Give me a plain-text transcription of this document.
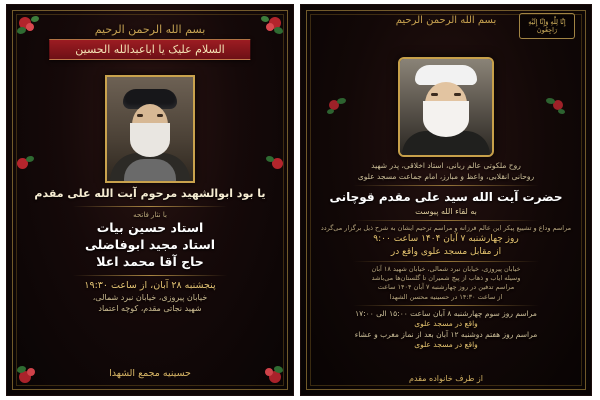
بسم الله الرحمن الرحیم
السلام علیک یا اباعبدالله الحسین
یا بود ابوالشهید مرحوم آیت الله علی مقدم
با نثار فاتحه
استاد حسین بیات
استاد مجید ابوفاضلی
حاج آقا محمد اعلا
پنجشنبه ۲۸ آبان، از ساعت ۱۹:۳۰
خیابان پیروزی، خیابان نبرد شمالی،
شهید نجاتی مقدم، کوچه اعتماد
حسینیه مجمع الشهدا
بسم الله الرحمن الرحیم	إِنَّا لِلَّهِ وَإِنَّا إِلَيْهِ رَاجِعُونَ
روح ملکوتی عالم ربانی، استاد اخلاقی، پدر شهید
روحانی انقلابی، واعظ و مبارز، امام جماعت مسجد علوی
حضرت آیت الله سید علی مقدم قوچانی
به لقاء الله پیوست
مراسم وداع و تشییع پیکر این عالم فرزانه و مراسم ترحیم ایشان به شرح ذیل برگزار می‌گردد
روز چهارشنبه ۷ آبان ۱۴۰۴ ساعت ۹:۰۰
از مقابل مسجد علوی واقع در
خیابان پیروزی، خیابان نبرد شمالی، خیابان شهید ۱۸ آبان
وسیله ایاب و ذهاب از پیچ شمیران تا گلستان‌ها می‌باشد
مراسم تدفین در روز چهارشنبه ۷ آبان ۱۴۰۴ ساعت
از ساعت ۱۴:۳۰ در حسینیه محسن الشهدا
مراسم روز سوم چهارشنبه ۸ آبان ساعت ۱۵:۰۰ الی ۱۷:۰۰
واقع در مسجد علوی
مراسم روز هفتم دوشنبه ۱۲ آبان بعد از نماز مغرب و عشاء
واقع در مسجد علوی
از طرف خانواده مقدم
